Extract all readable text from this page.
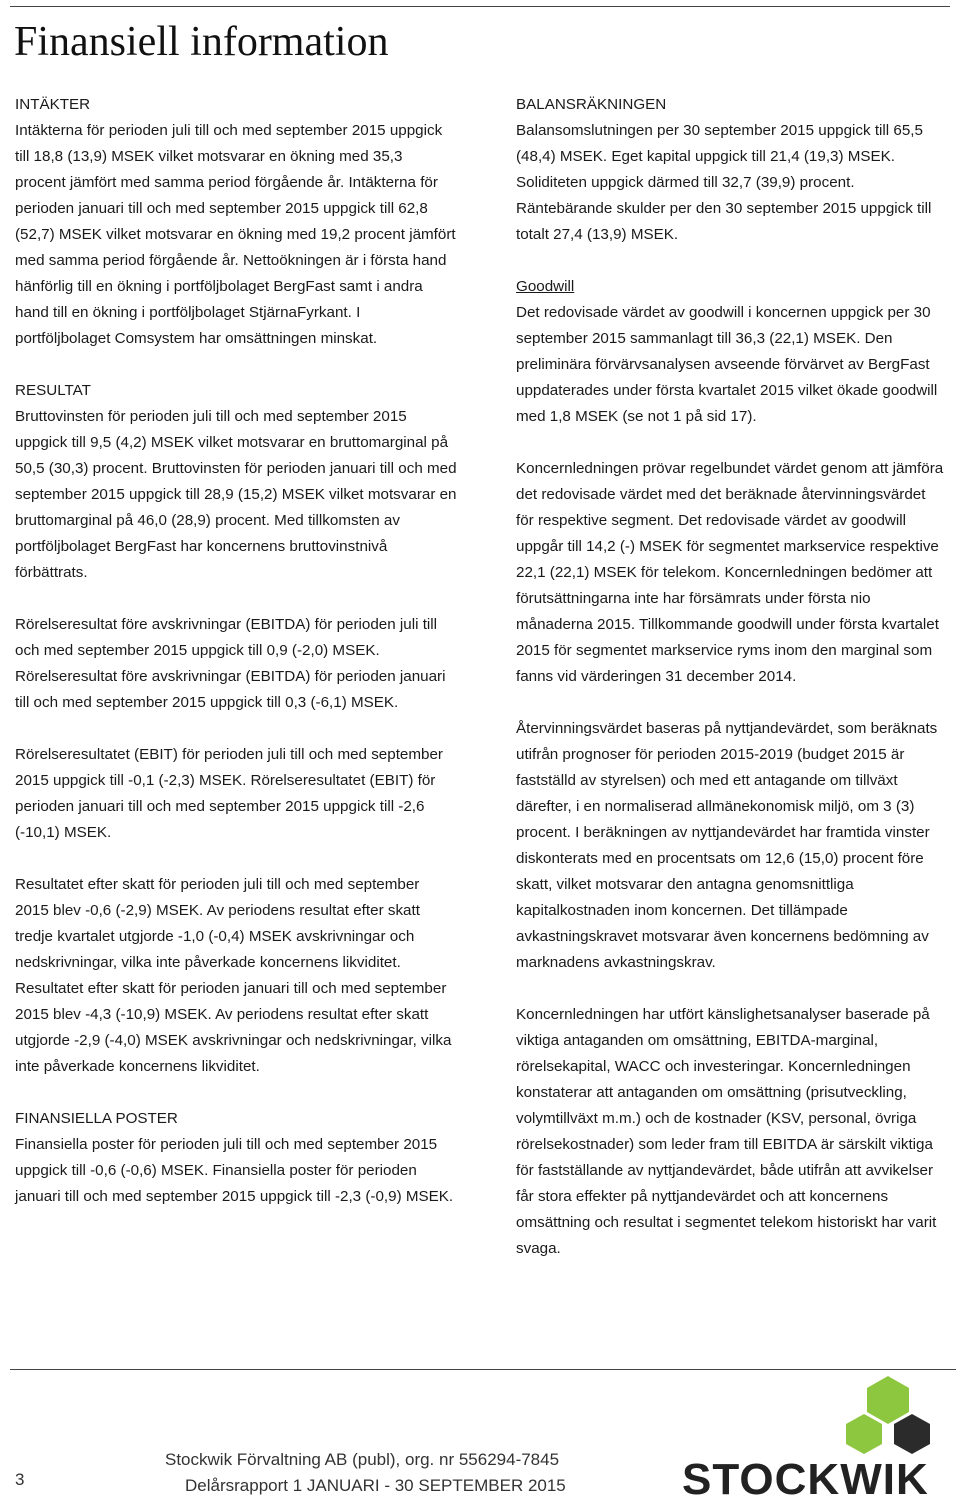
Finansiell information
INTÄKTER

Intäkterna för perioden juli till och med september 2015 uppgick till 18,8 (13,9) MSEK vilket motsvarar en ökning med 35,3 procent jämfört med samma period förgående år. Intäkterna för perioden januari till och med september 2015 uppgick till 62,8 (52,7) MSEK vilket motsvarar en ökning med 19,2 procent jämfört med samma period förgående år. Nettoökningen är i första hand hänförlig till en ökning i portföljbolaget BergFast samt i andra hand till en ökning i portföljbolaget StjärnaFyrkant. I portföljbolaget Comsystem har omsättningen minskat.

RESULTAT

Bruttovinsten för perioden juli till och med september 2015 uppgick till 9,5 (4,2) MSEK vilket motsvarar en bruttomarginal på 50,5 (30,3) procent. Bruttovinsten för perioden januari till och med september 2015 uppgick till 28,9 (15,2) MSEK vilket motsvarar en bruttomarginal på 46,0 (28,9) procent. Med tillkomsten av portföljbolaget BergFast har koncernens bruttovinstnivå förbättrats.

Rörelseresultat före avskrivningar (EBITDA) för perioden juli till och med september 2015 uppgick till 0,9 (-2,0) MSEK. Rörelseresultat före avskrivningar (EBITDA) för perioden januari till och med september 2015 uppgick till 0,3 (-6,1) MSEK.

Rörelseresultatet (EBIT) för perioden juli till och med september 2015 uppgick till -0,1 (-2,3) MSEK. Rörelseresultatet (EBIT) för perioden januari till och med september 2015 uppgick till -2,6 (-10,1) MSEK.

Resultatet efter skatt för perioden juli till och med september 2015 blev -0,6 (-2,9) MSEK. Av periodens resultat efter skatt tredje kvartalet utgjorde -1,0 (-0,4) MSEK avskrivningar och nedskrivningar, vilka inte påverkade koncernens likviditet. Resultatet efter skatt för perioden januari till och med september 2015 blev -4,3 (-10,9) MSEK. Av periodens resultat efter skatt utgjorde -2,9 (-4,0) MSEK avskrivningar och nedskrivningar, vilka inte påverkade koncernens likviditet.

FINANSIELLA POSTER

Finansiella poster för perioden juli till och med september 2015 uppgick till -0,6 (-0,6) MSEK. Finansiella poster för perioden januari till och med september 2015 uppgick till -2,3 (-0,9) MSEK.

BALANSRÄKNINGEN

Balansomslutningen per 30 september 2015 uppgick till 65,5 (48,4) MSEK. Eget kapital uppgick till 21,4 (19,3) MSEK. Soliditeten uppgick därmed till 32,7 (39,9) procent. Räntebärande skulder per den 30 september 2015 uppgick till totalt 27,4 (13,9) MSEK.

Goodwill

Det redovisade värdet av goodwill i koncernen uppgick per 30 september 2015 sammanlagt till 36,3 (22,1) MSEK. Den preliminära förvärvsanalysen avseende förvärvet av BergFast uppdaterades under första kvartalet 2015 vilket ökade goodwill med 1,8 MSEK (se not 1 på sid 17).

Koncernledningen prövar regelbundet värdet genom att jämföra det redovisade värdet med det beräknade återvinningsvärdet för respektive segment. Det redovisade värdet av goodwill uppgår till 14,2 (-) MSEK för segmentet markservice respektive 22,1 (22,1) MSEK för telekom. Koncernledningen bedömer att förutsättningarna inte har försämrats under första nio månaderna 2015. Tillkommande goodwill under första kvartalet 2015 för segmentet markservice ryms inom den marginal som fanns vid värderingen 31 december 2014.

Återvinningsvärdet baseras på nyttjandevärdet, som beräknats utifrån prognoser för perioden 2015-2019 (budget 2015 är fastställd av styrelsen) och med ett antagande om tillväxt därefter, i en normaliserad allmänekonomisk miljö, om 3 (3) procent. I beräkningen av nyttjandevärdet har framtida vinster diskonterats med en procentsats om 12,6 (15,0) procent före skatt, vilket motsvarar den antagna genomsnittliga kapitalkostnaden inom koncernen. Det tillämpade avkastningskravet motsvarar även koncernens bedömning av marknadens avkastningskrav.

Koncernledningen har utfört känslighetsanalyser baserade på viktiga antaganden om omsättning, EBITDA-marginal, rörelsekapital, WACC och investeringar. Koncernledningen konstaterar att antaganden om omsättning (prisutveckling, volymtillväxt m.m.) och de kostnader (KSV, personal, övriga rörelsekostnader) som leder fram till EBITDA är särskilt viktiga för fastställande av nyttjandevärdet, både utifrån att avvikelser får stora effekter på nyttjandevärdet och att koncernens omsättning och resultat i segmentet telekom historiskt har varit svaga.

3
Stockwik Förvaltning AB (publ), org. nr 556294-7845
Delårsrapport 1 JANUARI - 30 SEPTEMBER 2015	STOCKWIK
